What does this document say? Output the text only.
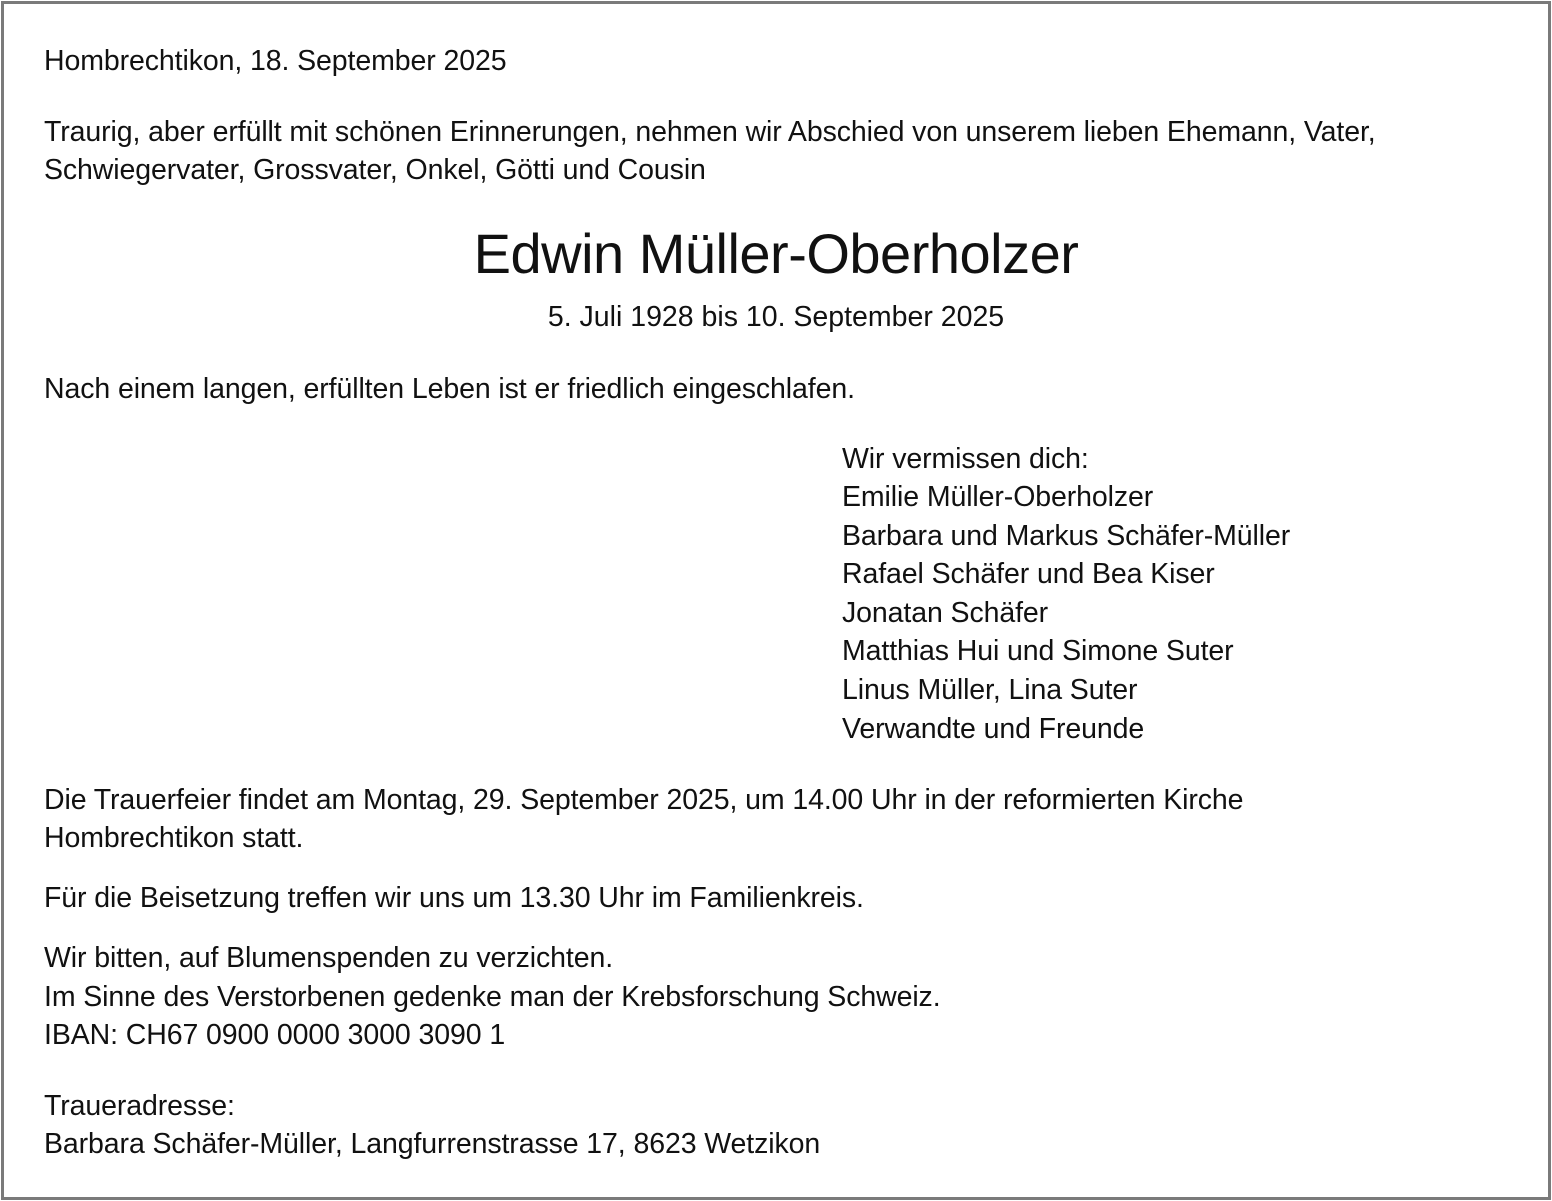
Hombrechtikon, 18. September 2025
Traurig, aber erfüllt mit schönen Erinnerungen, nehmen wir Abschied von unserem lieben Ehemann, Vater,
Schwiegervater, Grossvater, Onkel, Götti und Cousin
Edwin Müller-Oberholzer
5. Juli 1928 bis 10. September 2025
Nach einem langen, erfüllten Leben ist er friedlich eingeschlafen.
Wir vermissen dich:
Emilie Müller-Oberholzer
Barbara und Markus Schäfer-Müller
Rafael Schäfer und Bea Kiser
Jonatan Schäfer
Matthias Hui und Simone Suter
Linus Müller, Lina Suter
Verwandte und Freunde
Die Trauerfeier findet am Montag, 29. September 2025, um 14.00 Uhr in der reformierten Kirche
Hombrechtikon statt.
Für die Beisetzung treffen wir uns um 13.30 Uhr im Familienkreis.
Wir bitten, auf Blumenspenden zu verzichten.
Im Sinne des Verstorbenen gedenke man der Krebsforschung Schweiz.
IBAN: CH67 0900 0000 3000 3090 1
Traueradresse:
Barbara Schäfer-Müller, Langfurrenstrasse 17, 8623 Wetzikon
